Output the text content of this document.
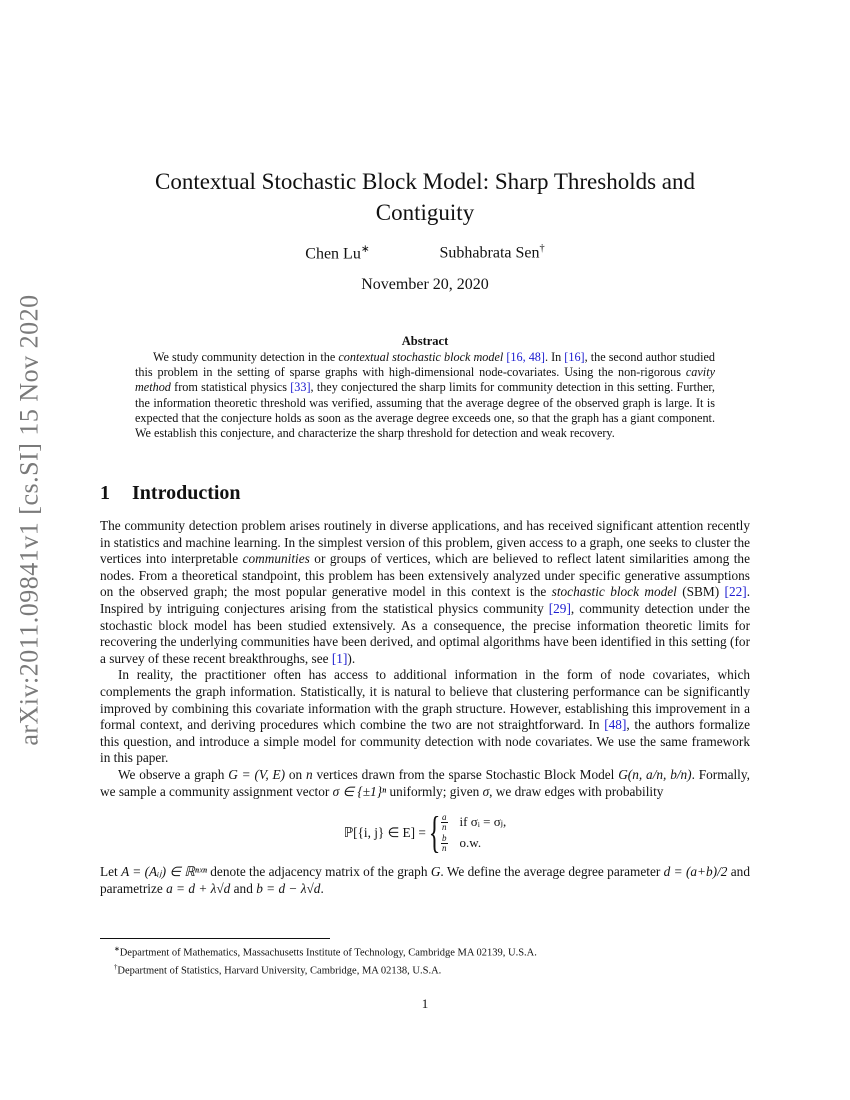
arXiv:2011.09841v1 [cs.SI] 15 Nov 2020
Contextual Stochastic Block Model: Sharp Thresholds and
Contiguity
Chen Lu∗	Subhabrata Sen†
November 20, 2020
Abstract

We study community detection in the contextual stochastic block model [16, 48]. In [16], the second author studied this problem in the setting of sparse graphs with high-dimensional node-covariates. Using the non-rigorous cavity method from statistical physics [33], they conjectured the sharp limits for community detection in this setting. Further, the information theoretic threshold was verified, assuming that the average degree of the observed graph is large. It is expected that the conjecture holds as soon as the average degree exceeds one, so that the graph has a giant component. We establish this conjecture, and characterize the sharp threshold for detection and weak recovery.

1 Introduction

The community detection problem arises routinely in diverse applications, and has received significant attention recently in statistics and machine learning. In the simplest version of this problem, given access to a graph, one seeks to cluster the vertices into interpretable communities or groups of vertices, which are believed to reflect latent similarities among the nodes. From a theoretical standpoint, this problem has been extensively analyzed under specific generative assumptions on the observed graph; the most popular generative model in this context is the stochastic block model (SBM) [22]. Inspired by intriguing conjectures arising from the statistical physics community [29], community detection under the stochastic block model has been studied extensively. As a consequence, the precise information theoretic limits for recovering the underlying communities have been derived, and optimal algorithms have been identified in this setting (for a survey of these recent breakthroughs, see [1]).

In reality, the practitioner often has access to additional information in the form of node covariates, which complements the graph information. Statistically, it is natural to believe that clustering performance can be significantly improved by combining this covariate information with the graph structure. However, establishing this improvement in a formal context, and deriving procedures which combine the two are not straightforward. In [48], the authors formalize this question, and introduce a simple model for community detection with node covariates. We use the same framework in this paper.

We observe a graph G = (V, E) on n vertices drawn from the sparse Stochastic Block Model G(n, a/n, b/n). Formally, we sample a community assignment vector σ ∈ {±1}ⁿ uniformly; given σ, we draw edges with probability

ℙ[{i, j} ∈ E] = { $\frac{a}{n}$ if σᵢ = σⱼ,
$\frac{b}{n} o.w$.

Let A = (Aᵢⱼ) ∈ ℝⁿˣⁿ denote the adjacency matrix of the graph G. We define the average degree parameter d = (a+b)/2 and parametrize a = d + λ√d and b = d − λ√d.

∗Department of Mathematics, Massachusetts Institute of Technology, Cambridge MA 02139, U.S.A.
†Department of Statistics, Harvard University, Cambridge, MA 02138, U.S.A.
1
